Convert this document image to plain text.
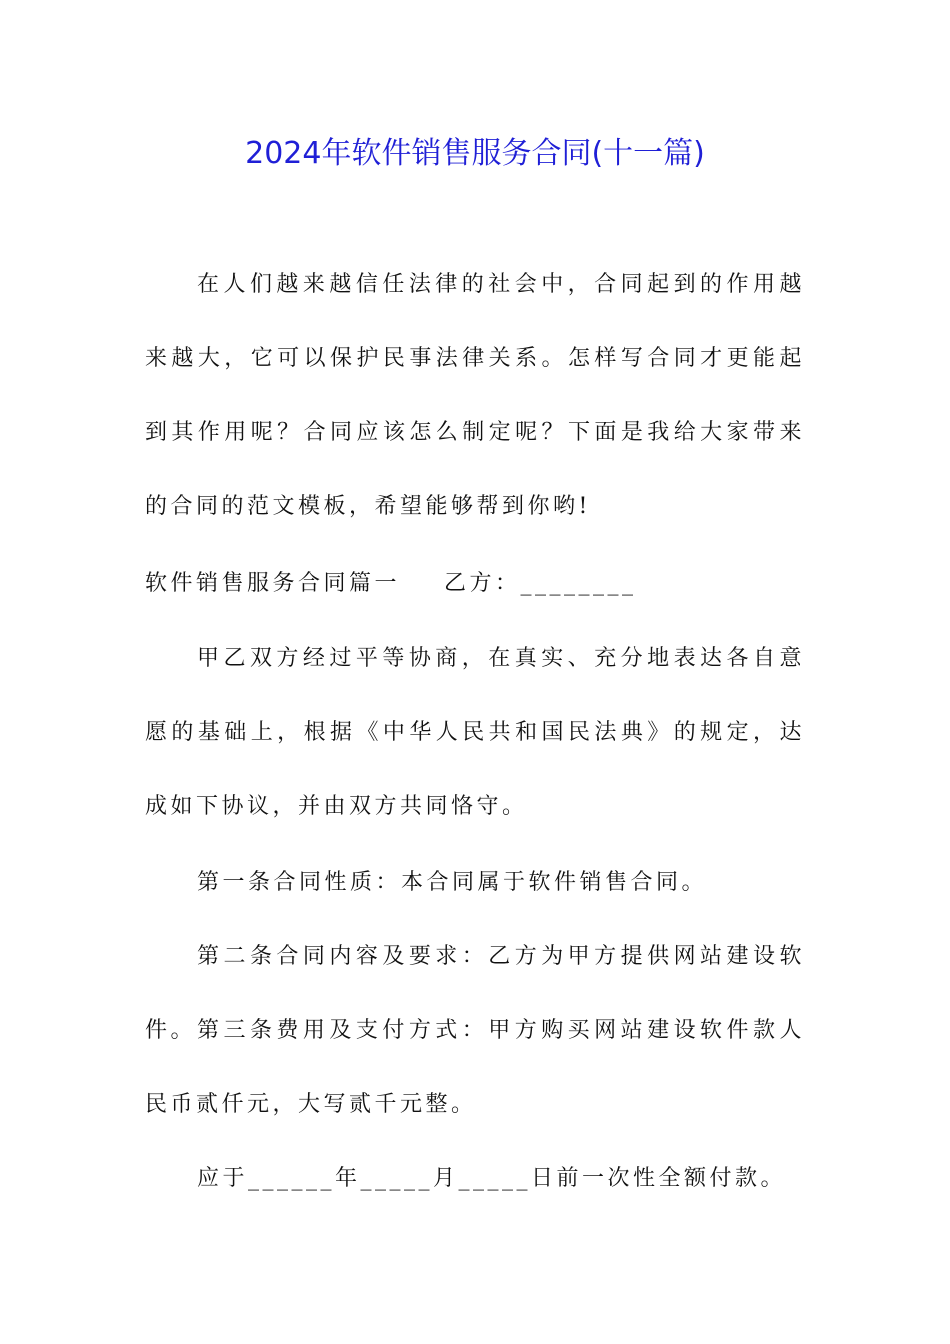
2024年软件销售服务合同(十一篇)

在人们越来越信任法律的社会中，合同起到的作用越来越大，它可以保护民事法律关系。怎样写合同才更能起到其作用呢？合同应该怎么制定呢？下面是我给大家带来的合同的范文模板，希望能够帮到你哟!

软件销售服务合同篇一 乙方：________

甲乙双方经过平等协商，在真实、充分地表达各自意愿的基础上，根据《中华人民共和国民法典》的规定，达成如下协议，并由双方共同恪守。

第一条合同性质：本合同属于软件销售合同。

第二条合同内容及要求：乙方为甲方提供网站建设软件。 第三条费用及支付方式：甲方购买网站建设软件款人民币贰仟元，大写贰千元整。

应于______年_____月_____日前一次性全额付款。
